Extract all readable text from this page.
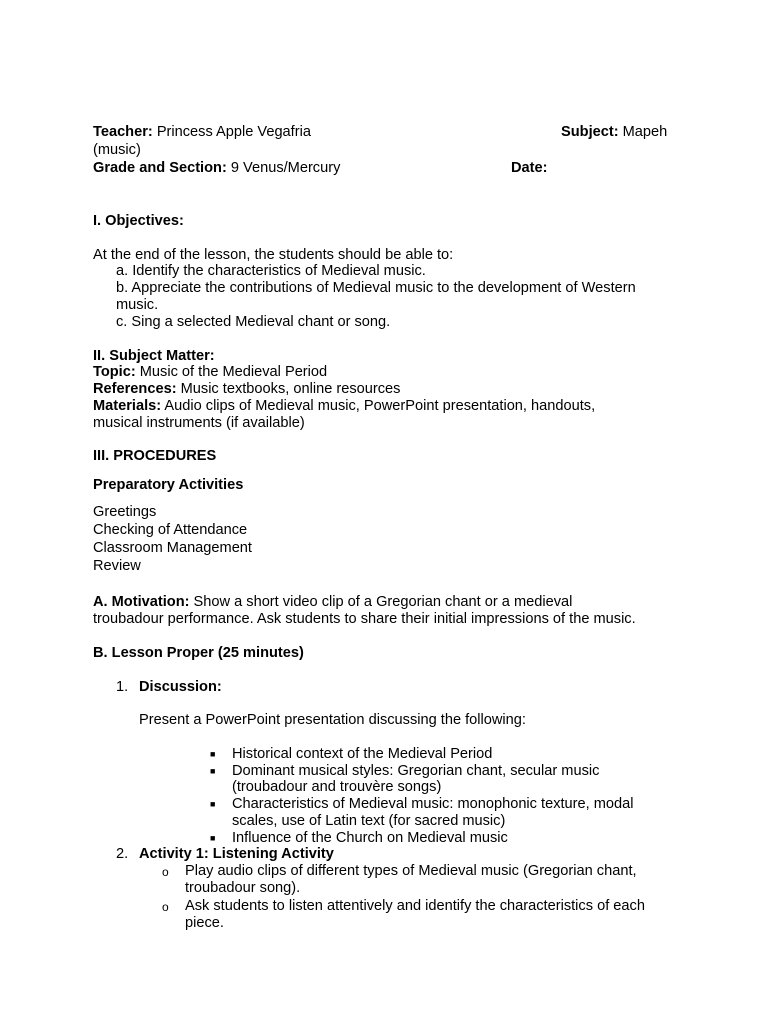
Teacher: Princess Apple Vegafria	Subject: Mapeh
(music)
Grade and Section: 9 Venus/Mercury	Date:
I. Objectives:
At the end of the lesson, the students should be able to:
a. Identify the characteristics of Medieval music.
b. Appreciate the contributions of Medieval music to the development of Western
music.
c. Sing a selected Medieval chant or song.
II. Subject Matter:
Topic: Music of the Medieval Period
References: Music textbooks, online resources
Materials: Audio clips of Medieval music, PowerPoint presentation, handouts,
musical instruments (if available)
III. PROCEDURES
Preparatory Activities
Greetings
Checking of Attendance
Classroom Management
Review
A. Motivation: Show a short video clip of a Gregorian chant or a medieval
troubadour performance. Ask students to share their initial impressions of the music.
B. Lesson Proper (25 minutes)
1. Discussion:
Present a PowerPoint presentation discussing the following:
■ Historical context of the Medieval Period
■ Dominant musical styles: Gregorian chant, secular music
(troubadour and trouvère songs)
■ Characteristics of Medieval music: monophonic texture, modal
scales, use of Latin text (for sacred music)
■ Influence of the Church on Medieval music
2. Activity 1: Listening Activity
o Play audio clips of different types of Medieval music (Gregorian chant,
troubadour song).
o Ask students to listen attentively and identify the characteristics of each
piece.
